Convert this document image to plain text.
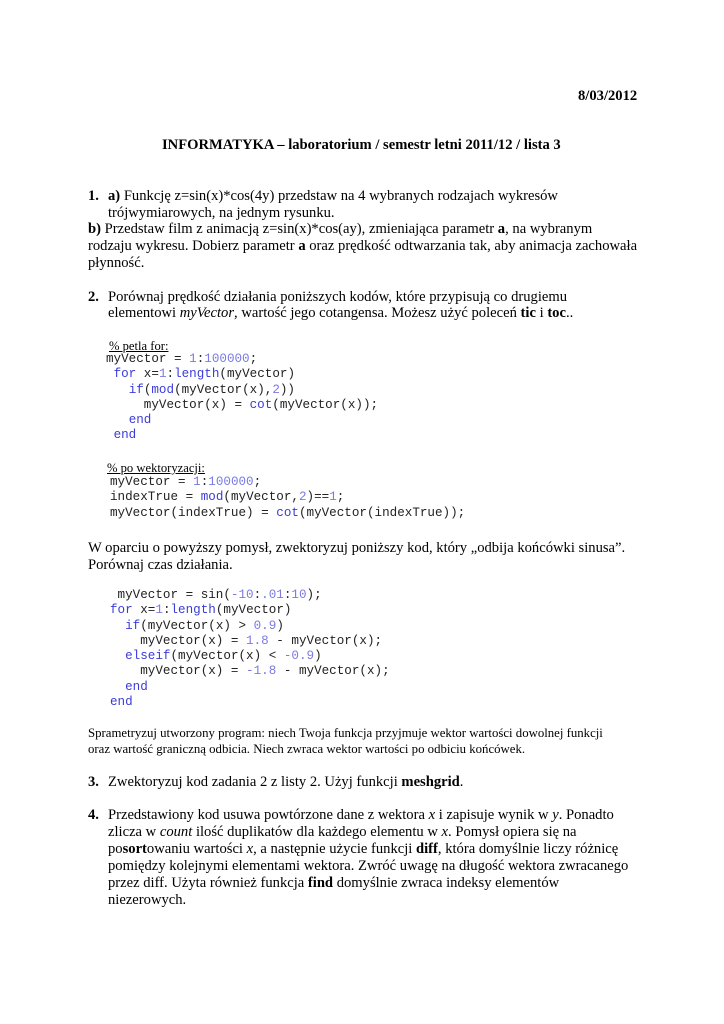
8/03/2012
INFORMATYKA – laboratorium / semestr letni 2011/12 / lista 3
1. a) Funkcję z=sin(x)*cos(4y) przedstaw na 4 wybranych rodzajach wykresów
trójwymiarowych, na jednym rysunku.
b) Przedstaw film z animacją z=sin(x)*cos(ay), zmieniająca parametr a, na wybranym
rodzaju wykresu. Dobierz parametr a oraz prędkość odtwarzania tak, aby animacja zachowała
płynność.
2. Porównaj prędkość działania poniższych kodów, które przypisują co drugiemu
elementowi myVector, wartość jego cotangensa. Możesz użyć poleceń tic i toc..
% petla for:
myVector = 1:100000;
for x=1:length(myVector)
if(mod(myVector(x),2))
myVector(x) = cot(myVector(x));
end
end
% po wektoryzacji:
myVector = 1:100000;
indexTrue = mod(myVector,2)==1;
myVector(indexTrue) = cot(myVector(indexTrue));
W oparciu o powyższy pomysł, zwektoryzuj poniższy kod, który „odbija końcówki sinusa”.
Porównaj czas działania.
myVector = sin(-10:.01:10);
for x=1:length(myVector)
if(myVector(x) > 0.9)
myVector(x) = 1.8 - myVector(x);
elseif(myVector(x) < -0.9)
myVector(x) = -1.8 - myVector(x);
end
end
Sprametryzuj utworzony program: niech Twoja funkcja przyjmuje wektor wartości dowolnej funkcji
oraz wartość graniczną odbicia. Niech zwraca wektor wartości po odbiciu końcówek.
3. Zwektoryzuj kod zadania 2 z listy 2. Użyj funkcji meshgrid.
4. Przedstawiony kod usuwa powtórzone dane z wektora x i zapisuje wynik w y. Ponadto
zlicza w count ilość duplikatów dla każdego elementu w x. Pomysł opiera się na
posortowaniu wartości x, a następnie użycie funkcji diff, która domyślnie liczy różnicę
pomiędzy kolejnymi elementami wektora. Zwróć uwagę na długość wektora zwracanego
przez diff. Użyta również funkcja find domyślnie zwraca indeksy elementów
niezerowych.
